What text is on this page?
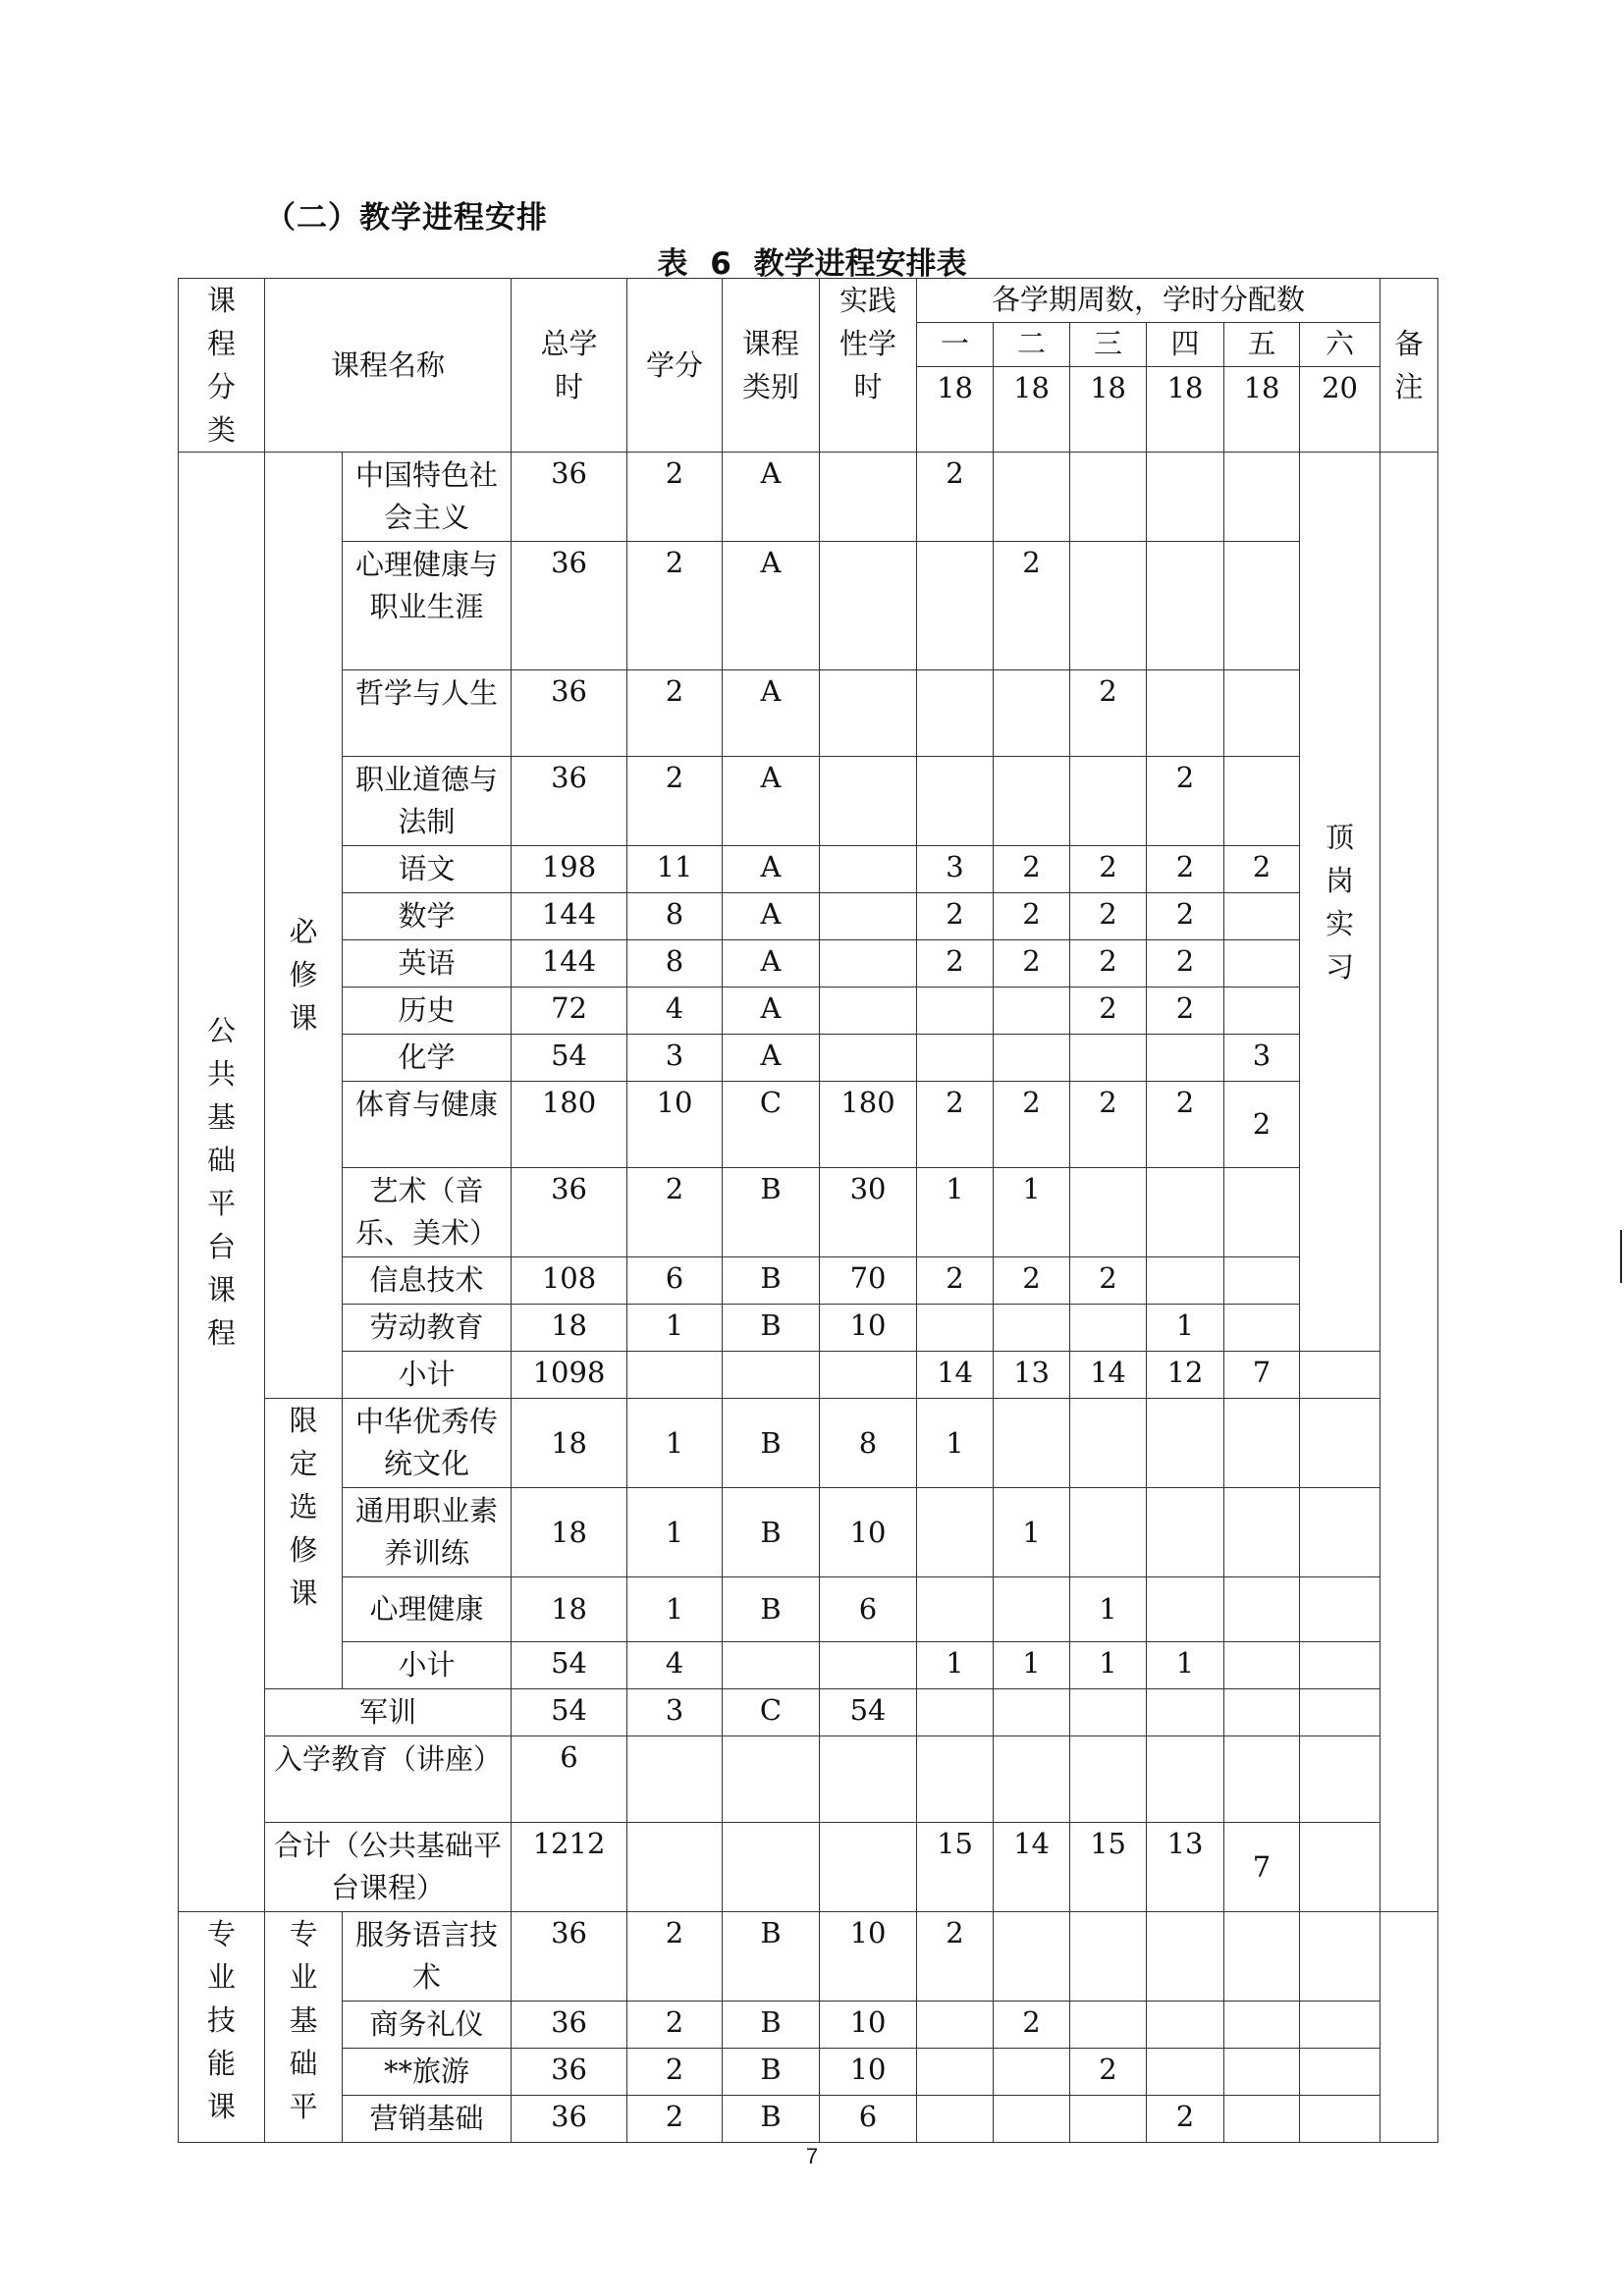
（二）教学进程安排
表 6 教学进程安排表
课程分类	课程名称		总学时	学分	课程类别	实践性学时	各学期周数，学时分配数						备注
							一	二	三	四	五	六	
							18	18	18	18	18	20	
公共基础平台课程	必修课	中国特色社会主义	36	2	A		2					顶岗实习	
		心理健康与职业生涯	36	2	A			2					
		哲学与人生	36	2	A				2				
		职业道德与法制	36	2	A					2			
		语文	198	11	A		3	2	2	2	2		
		数学	144	8	A		2	2	2	2			
		英语	144	8	A		2	2	2	2			
		历史	72	4	A				2	2			
		化学	54	3	A						3		
		体育与健康	180	10	C	180	2	2	2	2	2		
		艺术（音乐、美术）	36	2	B	30	1	1					
		信息技术	108	6	B	70	2	2	2				
		劳动教育	18	1	B	10				1			
		小计	1098				14	13	14	12	7		
	限定选修课	中华优秀传统文化	18	1	B	8	1						
		通用职业素养训练	18	1	B	10		1					
		心理健康	18	1	B	6			1				
		小计	54	4			1	1	1	1			
	军训		54	3	C	54							
	入学教育（讲座）		6										
	合计（公共基础平台课程）		1212				15	14	15	13	7		
专业技能课	专业基础平	服务语言技术	36	2	B	10	2						
		商务礼仪	36	2	B	10		2					
		**旅游	36	2	B	10			2				
		营销基础	36	2	B	6				2			
7
